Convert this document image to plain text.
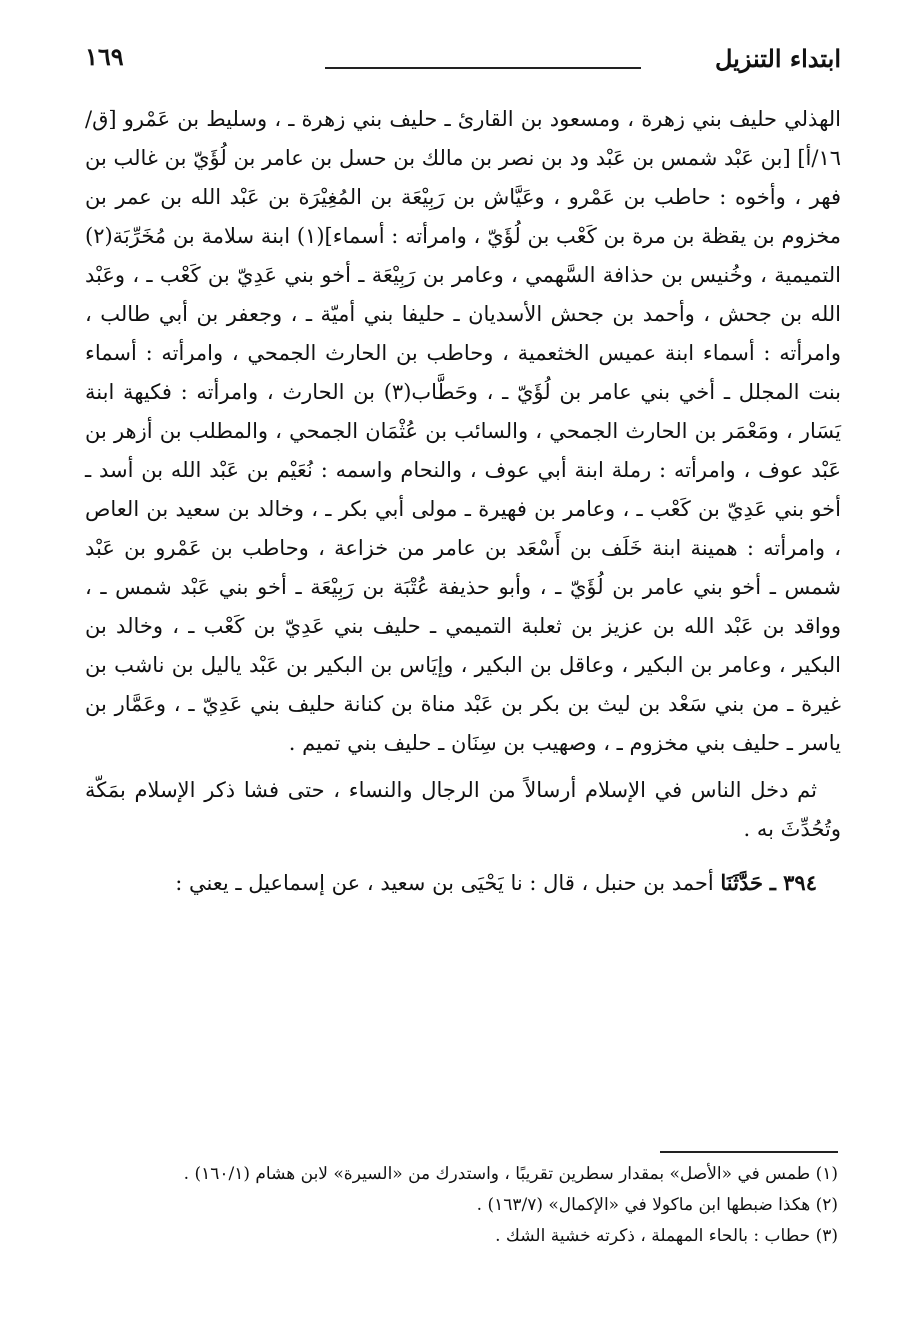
ابتداء التنزيل
١٦٩

الهذلي حليف بني زهرة ، ومسعود بن القارئ ـ حليف بني زهرة ـ ، وسليط بن عَمْرو [ق/١٦/أ] [بن عَبْد شمس بن عَبْد ود بن نصر بن مالك بن حسل بن عامر بن لُؤَيّ بن غالب بن فهر ، وأخوه : حاطب بن عَمْرو ، وعَيَّاش بن رَبِيْعَة بن المُغِيْرَة بن عَبْد الله بن عمر بن مخزوم بن يقظة بن مرة بن كَعْب بن لُؤَيّ ، وامرأته : أسماء](١) ابنة سلامة بن مُخَرِّبَة(٢) التميمية ، وخُنيس بن حذافة السَّهمي ، وعامر بن رَبِيْعَة ـ أخو بني عَدِيّ بن كَعْب ـ ، وعَبْد الله بن جحش ، وأحمد بن جحش الأسديان ـ حليفا بني أميّة ـ ، وجعفر بن أبي طالب ، وامرأته : أسماء ابنة عميس الخثعمية ، وحاطب بن الحارث الجمحي ، وامرأته : أسماء بنت المجلل ـ أخي بني عامر بن لُؤَيّ ـ ، وحَطَّاب(٣) بن الحارث ، وامرأته : فكيهة ابنة يَسَار ، ومَعْمَر بن الحارث الجمحي ، والسائب بن عُثْمَان الجمحي ، والمطلب بن أزهر بن عَبْد عوف ، وامرأته : رملة ابنة أبي عوف ، والنحام واسمه : نُعَيْم بن عَبْد الله بن أسد ـ أخو بني عَدِيّ بن كَعْب ـ ، وعامر بن فهيرة ـ مولى أبي بكر ـ ، وخالد بن سعيد بن العاص ، وامرأته : همينة ابنة خَلَف بن أَسْعَد بن عامر من خزاعة ، وحاطب بن عَمْرو بن عَبْد شمس ـ أخو بني عامر بن لُؤَيّ ـ ، وأبو حذيفة عُتْبَة بن رَبِيْعَة ـ أخو بني عَبْد شمس ـ ، وواقد بن عَبْد الله بن عزيز بن ثعلبة التميمي ـ حليف بني عَدِيّ بن كَعْب ـ ، وخالد بن البكير ، وعامر بن البكير ، وعاقل بن البكير ، وإيَاس بن البكير بن عَبْد ياليل بن ناشب بن غيرة ـ من بني سَعْد بن ليث بن بكر بن عَبْد مناة بن كنانة حليف بني عَدِيّ ـ ، وعَمَّار بن ياسر ـ حليف بني مخزوم ـ ، وصهيب بن سِنَان ـ حليف بني تميم .

ثم دخل الناس في الإسلام أرسالاً من الرجال والنساء ، حتى فشا ذكر الإسلام بمَكّة وتُحُدِّثَ به .

٣٩٤ ـ حَدَّثَنَا أحمد بن حنبل ، قال : نا يَحْيَى بن سعيد ، عن إسماعيل ـ يعني :

(١) طمس في «الأصل» بمقدار سطرين تقريبًا ، واستدرك من «السيرة» لابن هشام (١٦٠/١) .
(٢) هكذا ضبطها ابن ماكولا في «الإكمال» (١٦٣/٧) .
(٣) حطاب : بالحاء المهملة ، ذكرته خشية الشك .
